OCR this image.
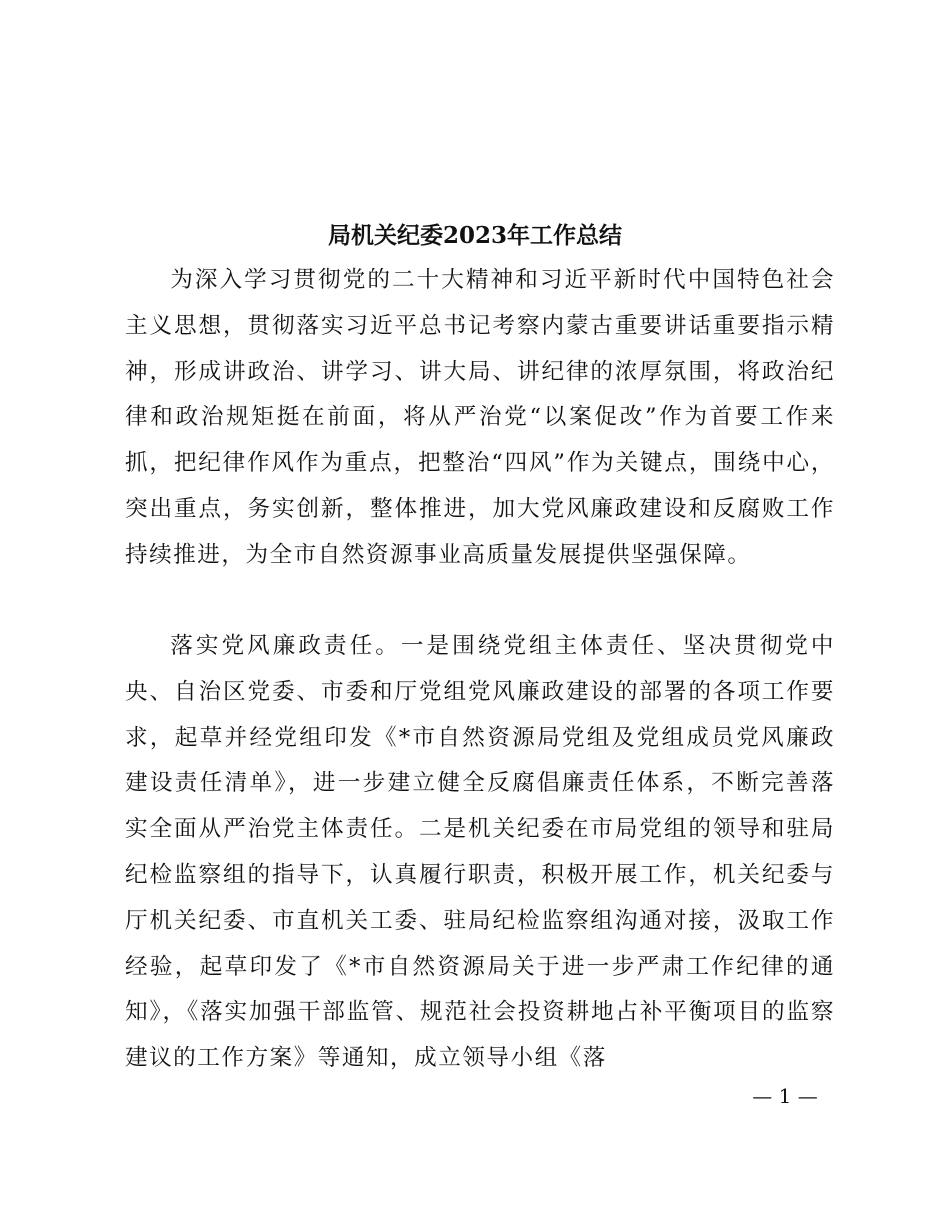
局机关纪委2023年工作总结

为深入学习贯彻党的二十大精神和习近平新时代中国特色社会主义思想，贯彻落实习近平总书记考察内蒙古重要讲话重要指示精神，形成讲政治、讲学习、讲大局、讲纪律的浓厚氛围，将政治纪律和政治规矩挺在前面，将从严治党“以案促改”作为首要工作来抓，把纪律作风作为重点，把整治“四风”作为关键点，围绕中心，突出重点，务实创新，整体推进，加大党风廉政建设和反腐败工作持续推进，为全市自然资源事业高质量发展提供坚强保障。

落实党风廉政责任。一是围绕党组主体责任、坚决贯彻党中央、自治区党委、市委和厅党组党风廉政建设的部署的各项工作要求，起草并经党组印发《*市自然资源局党组及党组成员党风廉政建设责任清单》，进一步建立健全反腐倡廉责任体系，不断完善落实全面从严治党主体责任。二是机关纪委在市局党组的领导和驻局纪检监察组的指导下，认真履行职责，积极开展工作，机关纪委与厅机关纪委、市直机关工委、驻局纪检监察组沟通对接，汲取工作经验，起草印发了《*市自然资源局关于进一步严肃工作纪律的通知》，《落实加强干部监管、规范社会投资耕地占补平衡项目的监察建议的工作方案》等通知，成立领导小组《落

— 1 —
